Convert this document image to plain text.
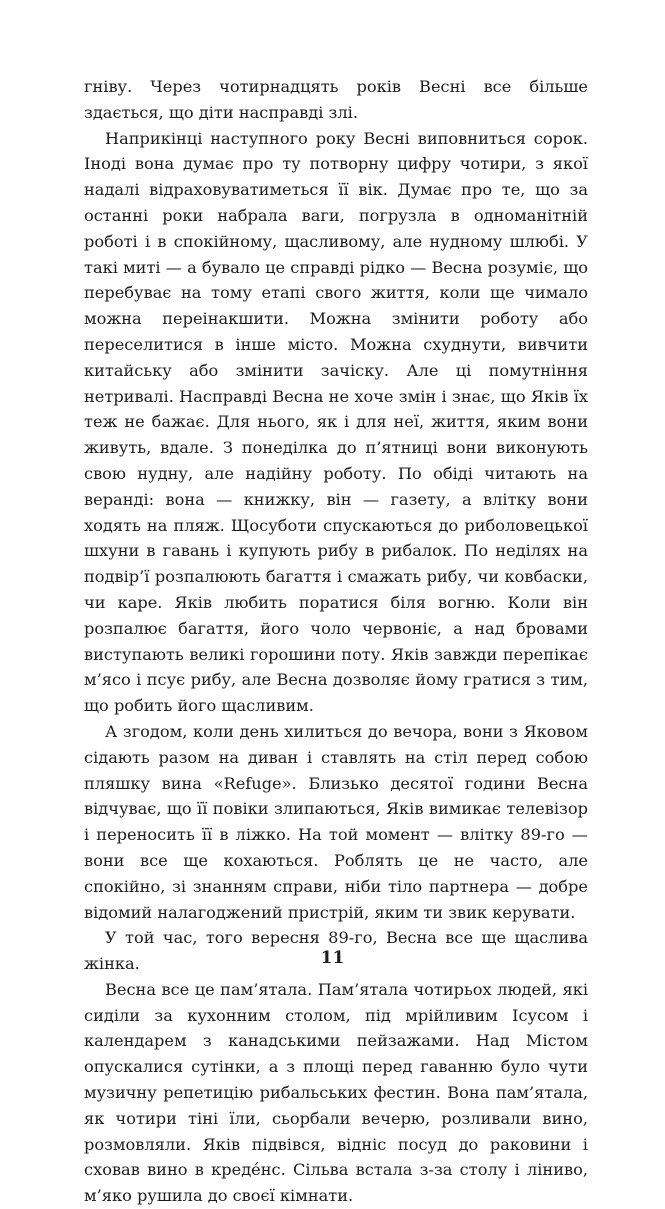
гніву. Через чотирнадцять років Весні все більше здається, що діти насправді злі.

Наприкінці наступного року Весні виповниться сорок. Іноді вона думає про ту потворну цифру чотири, з якої надалі відраховуватиметься її вік. Думає про те, що за останні роки набрала ваги, погрузла в одноманітній роботі і в спокійному, щасливому, але нудному шлюбі. У такі миті — а бувало це справді рідко — Весна розуміє, що перебуває на тому етапі свого життя, коли ще чимало можна переінакшити. Можна змінити роботу або переселитися в інше місто. Можна схуднути, вивчити китайську або змінити зачіску. Але ці помутніння нетривалі. Насправді Весна не хоче змін і знає, що Яків їх теж не бажає. Для нього, як і для неї, життя, яким вони живуть, вдале. З понеділка до п’ятниці вони виконують свою нудну, але надійну роботу. По обіді читають на веранді: вона — книжку, він — газету, а влітку вони ходять на пляж. Щосуботи спускаються до риболовецької шхуни в гавань і купують рибу в рибалок. По неділях на подвір’ї розпалюють багаття і смажать рибу, чи ковбаски, чи каре. Яків любить поратися біля вогню. Коли він розпалює багаття, його чоло червоніє, а над бровами виступають великі горошини поту. Яків завжди перепікає м’ясо і псує рибу, але Весна дозволяє йому гратися з тим, що робить його щасливим.

А згодом, коли день хилиться до вечора, вони з Яковом сідають разом на диван і ставлять на стіл перед собою пляшку вина «Refuge». Близько десятої години Весна відчуває, що її повіки злипаються, Яків вимикає телевізор і переносить її в ліжко. На той момент — влітку 89-го — вони все ще кохаються. Роблять це не часто, але спокійно, зі знанням справи, ніби тіло партнера — добре відомий налагоджений пристрій, яким ти звик керувати.

У той час, того вересня 89-го, Весна все ще щаслива жінка.

Весна все це пам’ятала. Пам’ятала чотирьох людей, які сиділи за кухонним столом, під мрійливим Ісусом і календарем з канадськими пейзажами. Над Містом опускалися сутінки, а з площі перед гаванню було чути музичну репетицію рибальських фестин. Вона пам’ятала, як чотири тіні їли, сьорбали вечерю, розливали вино, розмовляли. Яків підвівся, відніс посуд до раковини і сховав вино в кредéнс. Сільва встала з-за столу і ліниво, м’яко рушила до своєї кімнати.

11
